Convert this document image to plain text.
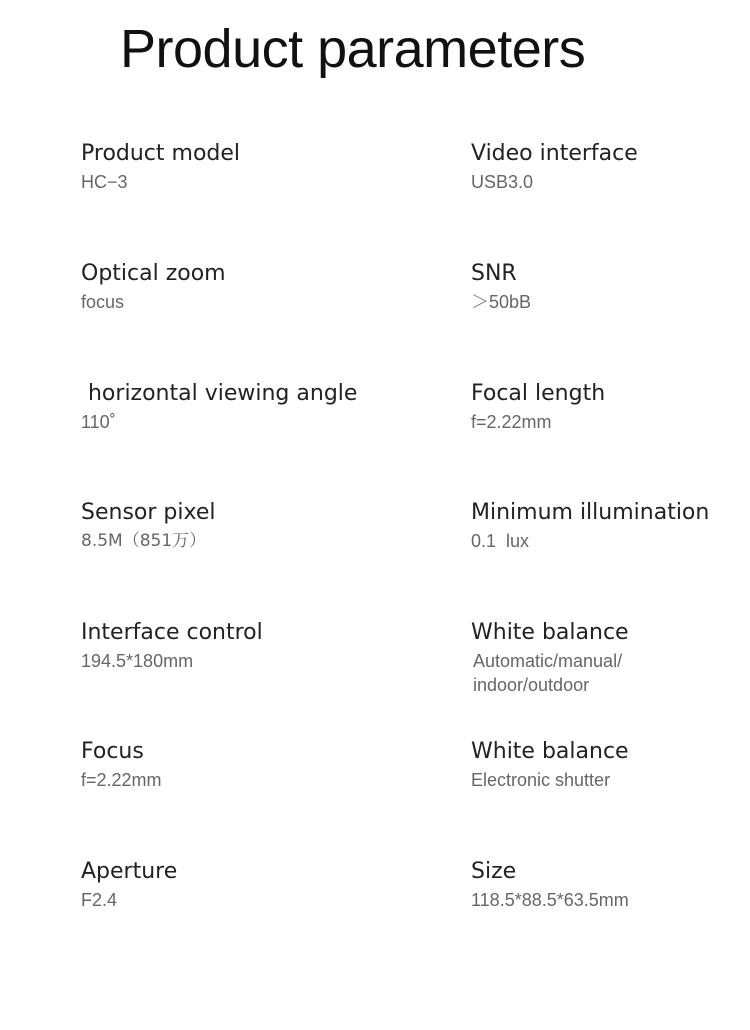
Product parameters
Product model
HC−3
Optical zoom
focus
horizontal viewing angle
110˚
Sensor pixel
8.5M（851万）
Interface control
194.5*180mm
Focus
f=2.22mm
Aperture
F2.4
Video interface
USB3.0
SNR
＞50bB
Focal length
f=2.22mm
Minimum illumination
0.1  lux
White balance
Automatic/manual/
indoor/outdoor
White balance
Electronic shutter
Size
118.5*88.5*63.5mm
